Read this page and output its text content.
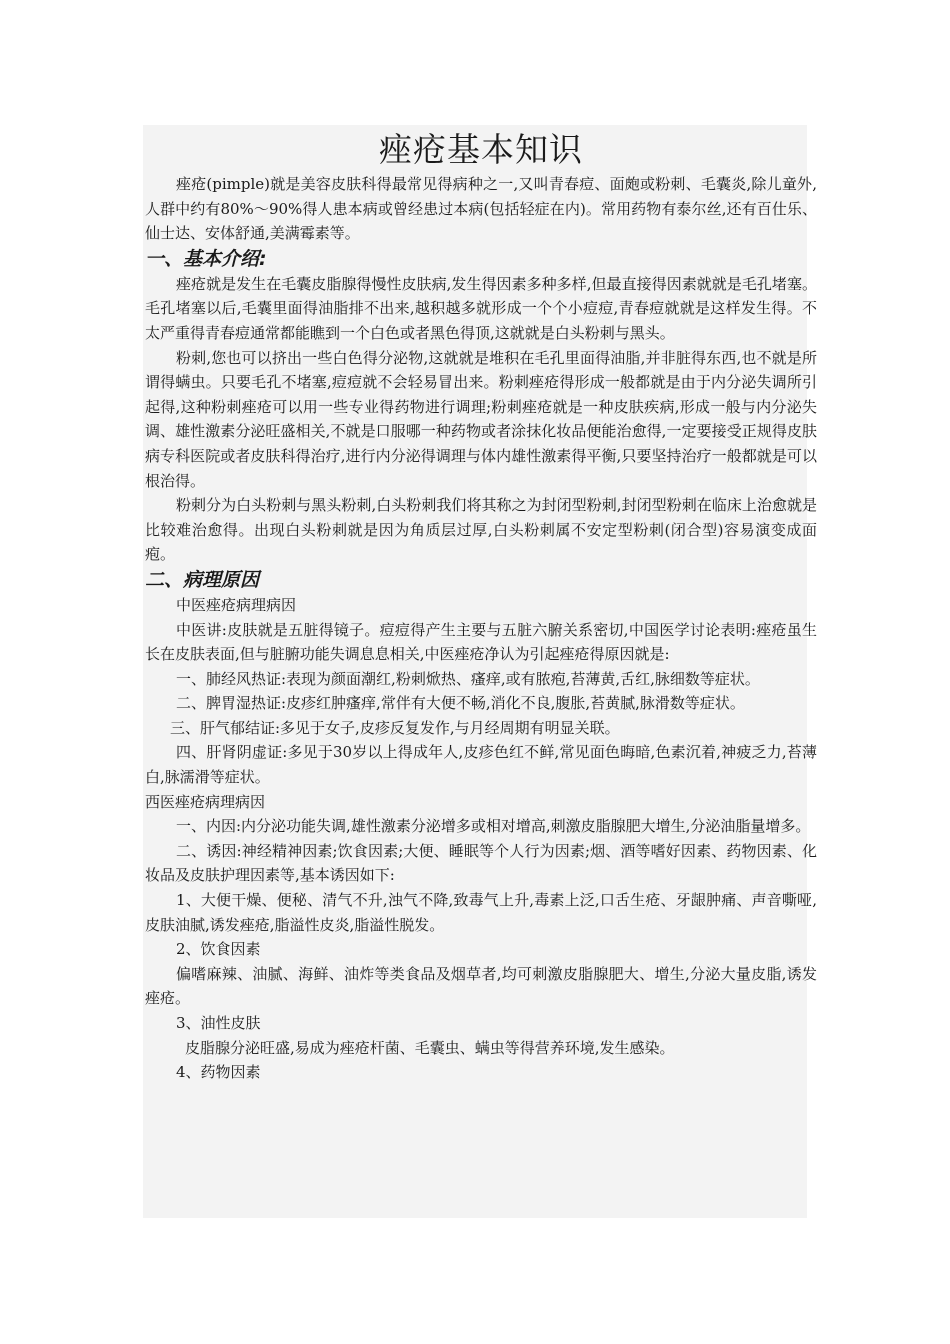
痤疮基本知识

痤疮(pimple)就是美容皮肤科得最常见得病种之一,又叫青春痘、面皰或粉刺、毛囊炎,除儿童外,人群中约有80%～90%得人患本病或曾经患过本病(包括轻症在内)。常用药物有泰尔丝,还有百仕乐、仙士达、安体舒通,美满霉素等。

一、基本介绍:

痤疮就是发生在毛囊皮脂腺得慢性皮肤病,发生得因素多种多样,但最直接得因素就就是毛孔堵塞。毛孔堵塞以后,毛囊里面得油脂排不出来,越积越多就形成一个个小痘痘,青春痘就就是这样发生得。不太严重得青春痘通常都能瞧到一个白色或者黑色得顶,这就就是白头粉刺与黑头。

粉刺,您也可以挤出一些白色得分泌物,这就就是堆积在毛孔里面得油脂,并非脏得东西,也不就是所谓得螨虫。只要毛孔不堵塞,痘痘就不会轻易冒出来。粉刺痤疮得形成一般都就是由于内分泌失调所引起得,这种粉刺痤疮可以用一些专业得药物进行调理;粉刺痤疮就是一种皮肤疾病,形成一般与内分泌失调、雄性激素分泌旺盛相关,不就是口服哪一种药物或者涂抹化妆品便能治愈得,一定要接受正规得皮肤病专科医院或者皮肤科得治疗,进行内分泌得调理与体内雄性激素得平衡,只要坚持治疗一般都就是可以根治得。

粉刺分为白头粉刺与黑头粉刺,白头粉刺我们将其称之为封闭型粉刺,封闭型粉刺在临床上治愈就是比较难治愈得。出现白头粉刺就是因为角质层过厚,白头粉刺属不安定型粉刺(闭合型)容易演变成面疱。

二、病理原因

中医痤疮病理病因

中医讲:皮肤就是五脏得镜子。痘痘得产生主要与五脏六腑关系密切,中国医学讨论表明:痤疮虽生长在皮肤表面,但与脏腑功能失调息息相关,中医痤疮净认为引起痤疮得原因就是:

一、肺经风热证:表现为颜面潮红,粉刺焮热、瘙痒,或有脓疱,苔薄黄,舌红,脉细数等症状。

二、脾胃湿热证:皮疹红肿瘙痒,常伴有大便不畅,消化不良,腹胀,苔黄腻,脉滑数等症状。

三、肝气郁结证:多见于女子,皮疹反复发作,与月经周期有明显关联。

四、肝肾阴虚证:多见于30岁以上得成年人,皮疹色红不鲜,常见面色晦暗,色素沉着,神疲乏力,苔薄白,脉濡滑等症状。

西医痤疮病理病因

一、内因:内分泌功能失调,雄性激素分泌增多或相对增高,刺激皮脂腺肥大增生,分泌油脂量增多。

二、诱因:神经精神因素;饮食因素;大便、睡眠等个人行为因素;烟、酒等嗜好因素、药物因素、化妆品及皮肤护理因素等,基本诱因如下:

1、大便干燥、便秘、清气不升,浊气不降,致毒气上升,毒素上泛,口舌生疮、牙龈肿痛、声音嘶哑,皮肤油腻,诱发痤疮,脂溢性皮炎,脂溢性脱发。

2、饮食因素

偏嗜麻辣、油腻、海鲜、油炸等类食品及烟草者,均可刺激皮脂腺肥大、增生,分泌大量皮脂,诱发痤疮。

3、油性皮肤

皮脂腺分泌旺盛,易成为痤疮杆菌、毛囊虫、螨虫等得营养环境,发生感染。

4、药物因素
